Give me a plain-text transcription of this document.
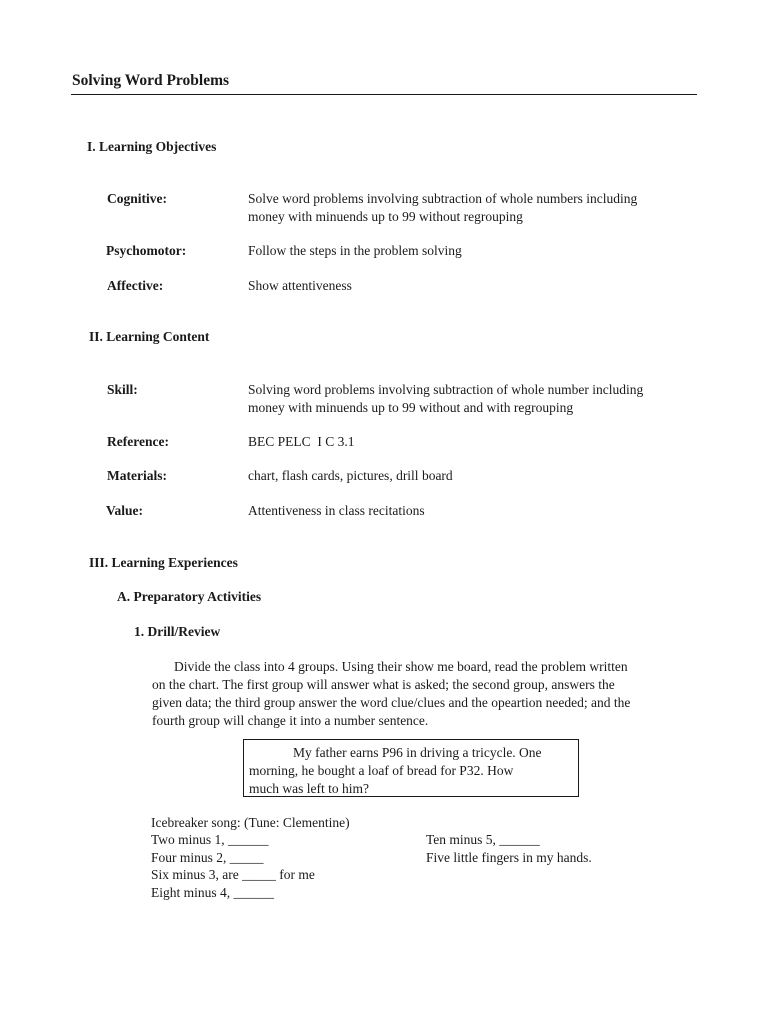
Solving Word Problems
I. Learning Objectives
Cognitive:	Solve word problems involving subtraction of whole numbers including
money with minuends up to 99 without regrouping
Psychomotor:	Follow the steps in the problem solving
Affective:	Show attentiveness
II. Learning Content
Skill:	Solving word problems involving subtraction of whole number including
money with minuends up to 99 without and with regrouping
Reference:	BEC PELC  I C 3.1
Materials:	chart, flash cards, pictures, drill board
Value:	Attentiveness in class recitations
III. Learning Experiences
A. Preparatory Activities
1. Drill/Review
Divide the class into 4 groups. Using their show me board, read the problem written
on the chart. The first group will answer what is asked; the second group, answers the
given data; the third group answer the word clue/clues and the opeartion needed; and the
fourth group will change it into a number sentence.
My father earns P96 in driving a tricycle. One
morning, he bought a loaf of bread for P32. How
much was left to him?
Icebreaker song: (Tune: Clementine)
Two minus 1, ______
Four minus 2, _____
Six minus 3, are _____ for me
Eight minus 4, ______
Ten minus 5, ______
Five little fingers in my hands.
